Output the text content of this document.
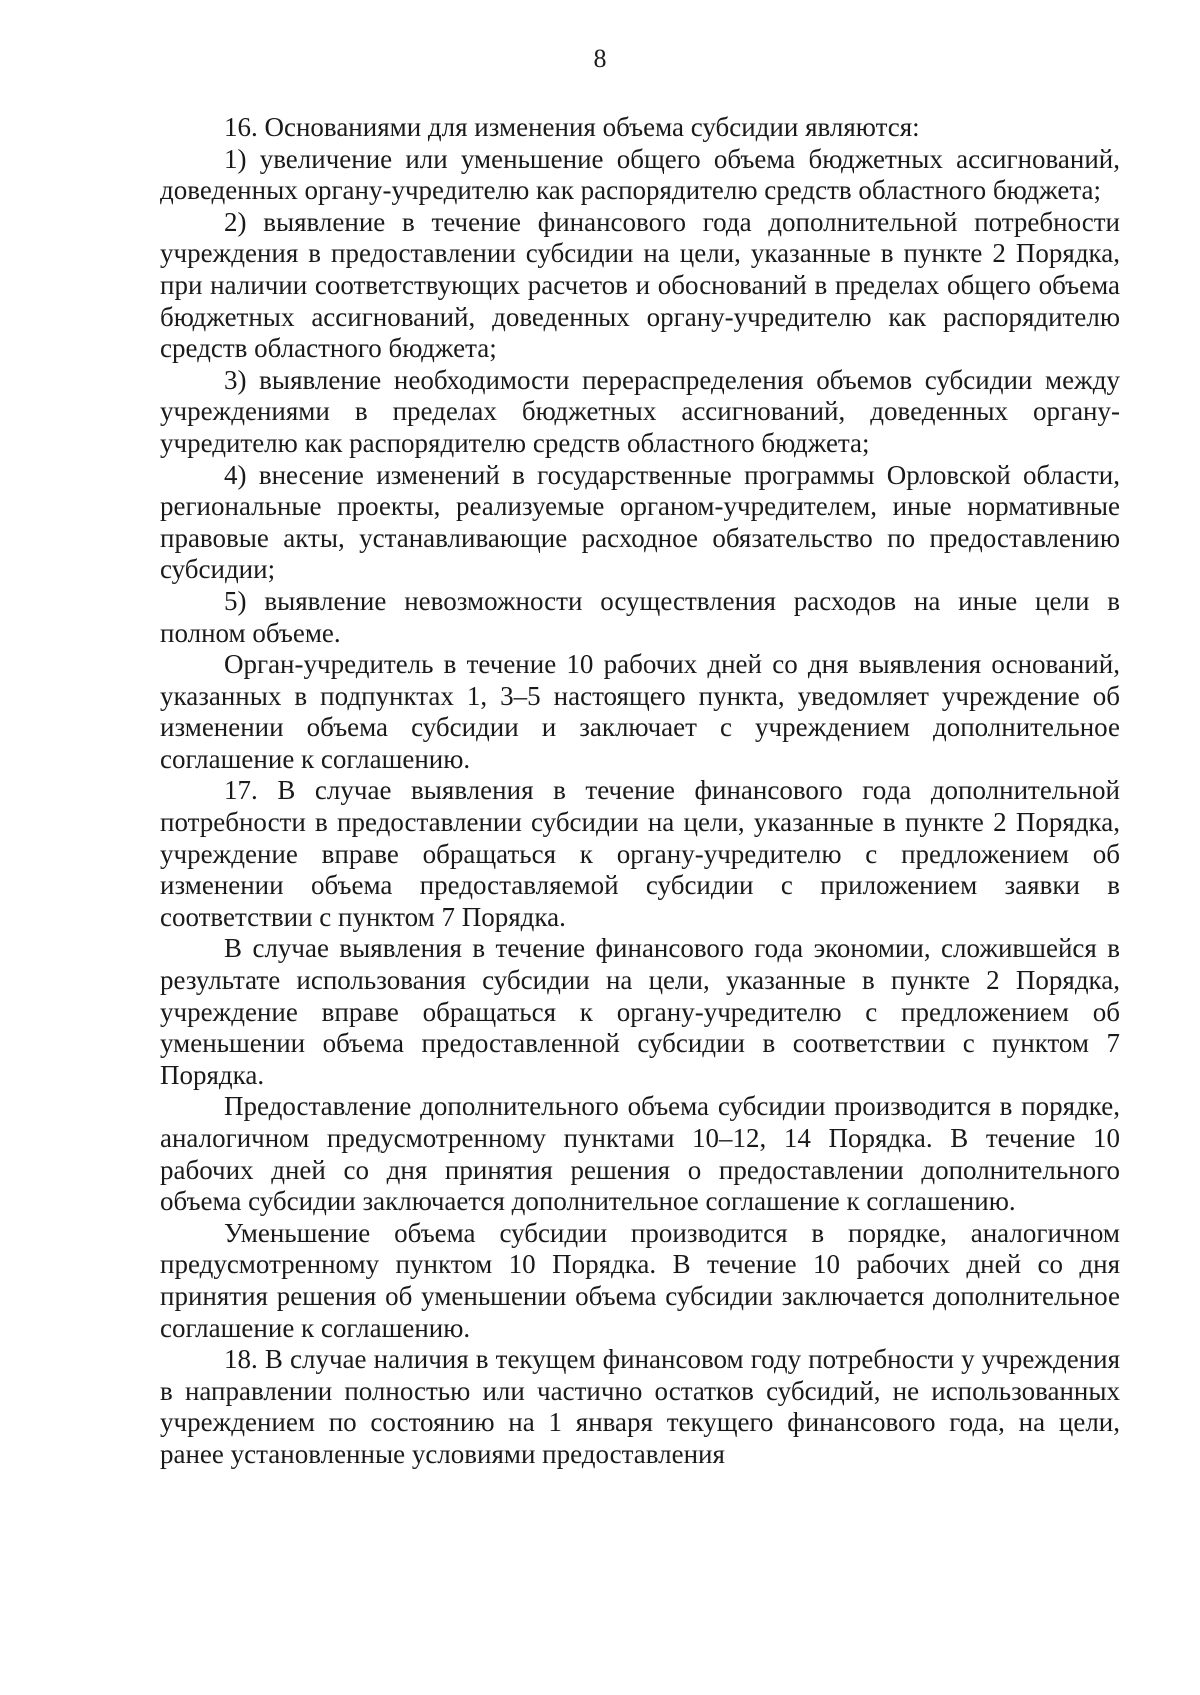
8

16. Основаниями для изменения объема субсидии являются:

1) увеличение или уменьшение общего объема бюджетных ассигнований, доведенных органу-учредителю как распорядителю средств областного бюджета;

2) выявление в течение финансового года дополнительной потребности учреждения в предоставлении субсидии на цели, указанные в пункте 2 Порядка, при наличии соответствующих расчетов и обоснований в пределах общего объема бюджетных ассигнований, доведенных органу-учредителю как распорядителю средств областного бюджета;

3) выявление необходимости перераспределения объемов субсидии между учреждениями в пределах бюджетных ассигнований, доведенных органу-учредителю как распорядителю средств областного бюджета;

4) внесение изменений в государственные программы Орловской области, региональные проекты, реализуемые органом-учредителем, иные нормативные правовые акты, устанавливающие расходное обязательство по предоставлению субсидии;

5) выявление невозможности осуществления расходов на иные цели в полном объеме.

Орган-учредитель в течение 10 рабочих дней со дня выявления оснований, указанных в подпунктах 1, 3–5 настоящего пункта, уведомляет учреждение об изменении объема субсидии и заключает с учреждением дополнительное соглашение к соглашению.

17. В случае выявления в течение финансового года дополнительной потребности в предоставлении субсидии на цели, указанные в пункте 2 Порядка, учреждение вправе обращаться к органу-учредителю с предложением об изменении объема предоставляемой субсидии с приложением заявки в соответствии с пунктом 7 Порядка.

В случае выявления в течение финансового года экономии, сложившейся в результате использования субсидии на цели, указанные в пункте 2 Порядка, учреждение вправе обращаться к органу-учредителю с предложением об уменьшении объема предоставленной субсидии в соответствии с пунктом 7 Порядка.

Предоставление дополнительного объема субсидии производится в порядке, аналогичном предусмотренному пунктами 10–12, 14 Порядка. В течение 10 рабочих дней со дня принятия решения о предоставлении дополнительного объема субсидии заключается дополнительное соглашение к соглашению.

Уменьшение объема субсидии производится в порядке, аналогичном предусмотренному пунктом 10 Порядка. В течение 10 рабочих дней со дня принятия решения об уменьшении объема субсидии заключается дополнительное соглашение к соглашению.

18. В случае наличия в текущем финансовом году потребности у учреждения в направлении полностью или частично остатков субсидий, не использованных учреждением по состоянию на 1 января текущего финансового года, на цели, ранее установленные условиями предоставления
